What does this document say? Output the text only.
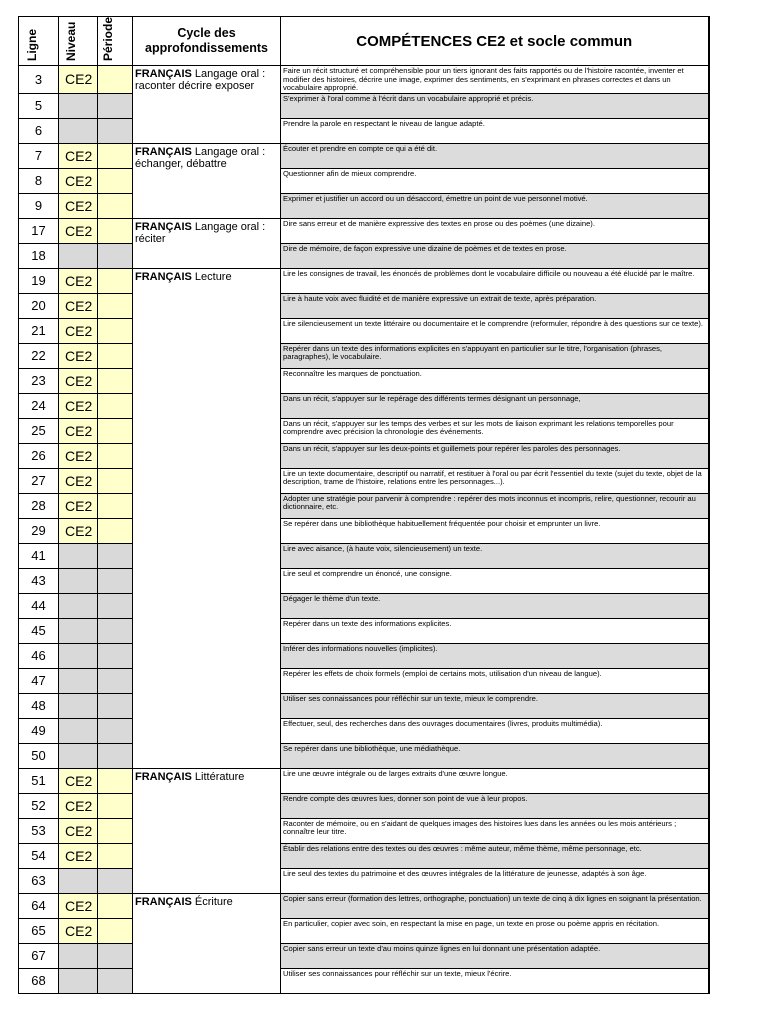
Ligne	Niveau	Période	Cycle des approfondissements	COMPÉTENCES CE2 et socle commun
3	CE2		FRANÇAIS Langage oral : raconter décrire exposer	Faire un récit structuré et compréhensible pour un tiers ignorant des faits rapportés ou de l'histoire racontée, inventer et modifier des histoires, décrire une image, exprimer des sentiments, en s'exprimant en phrases correctes et dans un vocabulaire approprié.
5				S'exprimer à l'oral comme à l'écrit dans un vocabulaire approprié et précis.
6				Prendre la parole en respectant le niveau de langue adapté.
7	CE2		FRANÇAIS Langage oral : échanger, débattre	Écouter et prendre en compte ce qui a été dit.
8	CE2			Questionner afin de mieux comprendre.
9	CE2			Exprimer et justifier un accord ou un désaccord, émettre un point de vue personnel motivé.
17	CE2		FRANÇAIS Langage oral : réciter	Dire sans erreur et de manière expressive des textes en prose ou des poèmes (une dizaine).
18				Dire de mémoire, de façon expressive une dizaine de poèmes et de textes en prose.
19	CE2		FRANÇAIS Lecture	Lire les consignes de travail, les énoncés de problèmes dont le vocabulaire difficile ou nouveau a été élucidé par le maître.
20	CE2			Lire à haute voix avec fluidité et de manière expressive un extrait de texte, après préparation.
21	CE2			Lire silencieusement un texte littéraire ou documentaire et le comprendre (reformuler, répondre à des questions sur ce texte).
22	CE2			Repérer dans un texte des informations explicites en s'appuyant en particulier sur le titre, l'organisation (phrases, paragraphes), le vocabulaire.
23	CE2			Reconnaître les marques de ponctuation.
24	CE2			Dans un récit, s'appuyer sur le repérage des différents termes désignant un personnage,
25	CE2			Dans un récit, s'appuyer sur les temps des verbes et sur les mots de liaison exprimant les relations temporelles pour comprendre avec précision la chronologie des événements.
26	CE2			Dans un récit, s'appuyer sur les deux-points et guillemets pour repérer les paroles des personnages.
27	CE2			Lire un texte documentaire, descriptif ou narratif, et restituer à l'oral ou par écrit l'essentiel du texte (sujet du texte, objet de la description, trame de l'histoire, relations entre les personnages...).
28	CE2			Adopter une stratégie pour parvenir à comprendre : repérer des mots inconnus et incompris, relire, questionner, recourir au dictionnaire, etc.
29	CE2			Se repérer dans une bibliothèque habituellement fréquentée pour choisir et emprunter un livre.
41				Lire avec aisance, (à haute voix, silencieusement) un texte.
43				Lire seul et comprendre un énoncé, une consigne.
44				Dégager le thème d'un texte.
45				Repérer dans un texte des informations explicites.
46				Inférer des informations nouvelles (implicites).
47				Repérer les effets de choix formels (emploi de certains mots, utilisation d'un niveau de langue).
48				Utiliser ses connaissances pour réfléchir sur un texte, mieux le comprendre.
49				Effectuer, seul, des recherches dans des ouvrages documentaires (livres, produits multimédia).
50				Se repérer dans une bibliothèque, une médiathèque.
51	CE2		FRANÇAIS Littérature	Lire une œuvre intégrale ou de larges extraits d'une œuvre longue.
52	CE2			Rendre compte des œuvres lues, donner son point de vue à leur propos.
53	CE2			Raconter de mémoire, ou en s'aidant de quelques images des histoires lues dans les années ou les mois antérieurs ; connaître leur titre.
54	CE2			Établir des relations entre des textes ou des œuvres : même auteur, même thème, même personnage, etc.
63				Lire seul des textes du patrimoine et des œuvres intégrales de la littérature de jeunesse, adaptés à son âge.
64	CE2		FRANÇAIS Écriture	Copier sans erreur (formation des lettres, orthographe, ponctuation) un texte de cinq à dix lignes en soignant la présentation.
65	CE2			En particulier, copier avec soin, en respectant la mise en page, un texte en prose ou poème appris en récitation.
67				Copier sans erreur un texte d'au moins quinze lignes en lui donnant une présentation adaptée.
68				Utiliser ses connaissances pour réfléchir sur un texte, mieux l'écrire.
